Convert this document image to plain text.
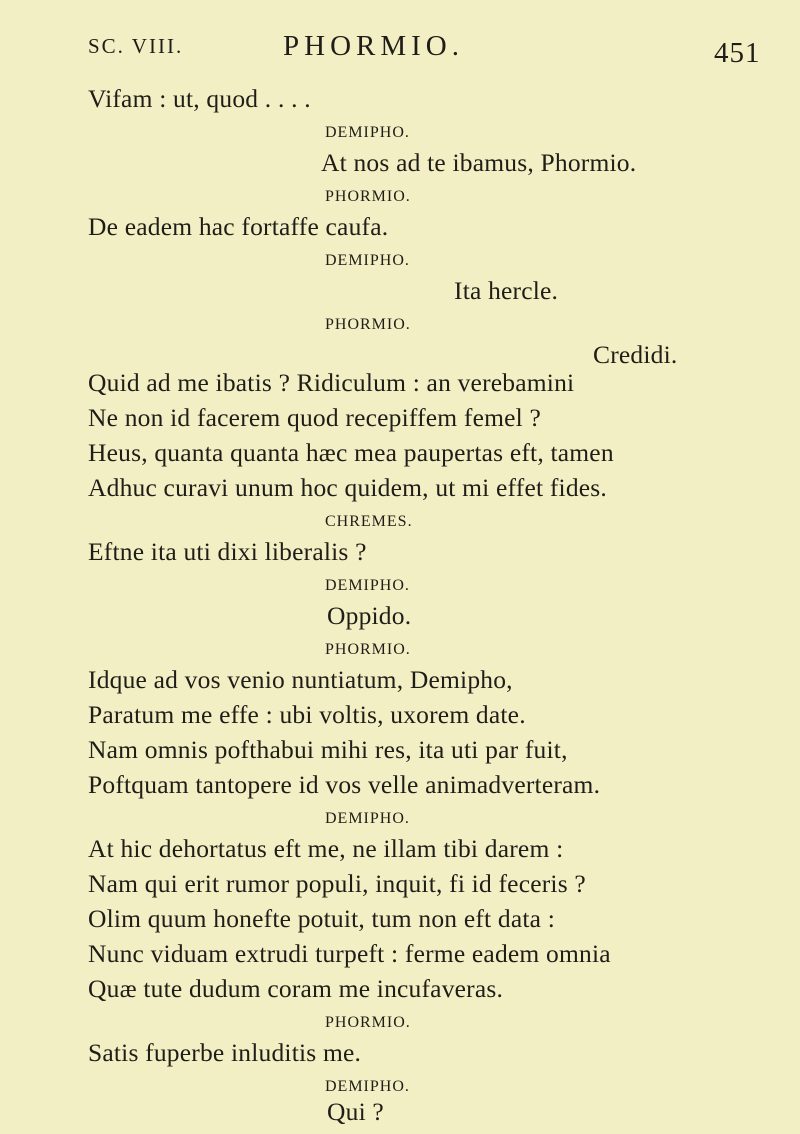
SC. VIII.	PHORMIO.	451
Vifam : ut, quod . . . .
DEMIPHO.
At nos ad te ibamus, Phormio.
PHORMIO.
De eadem hac fortaffe caufa.
DEMIPHO.
Ita hercle.
PHORMIO.
Credidi.
Quid ad me ibatis ? Ridiculum : an verebamini
Ne non id facerem quod recepiffem femel ?
Heus, quanta quanta hæc mea paupertas eft, tamen
Adhuc curavi unum hoc quidem, ut mi effet fides.
CHREMES.
Eftne ita uti dixi liberalis ?
DEMIPHO.
Oppido.
PHORMIO.
Idque ad vos venio nuntiatum, Demipho,
Paratum me effe : ubi voltis, uxorem date.
Nam omnis pofthabui mihi res, ita uti par fuit,
Poftquam tantopere id vos velle animadverteram.
DEMIPHO.
At hic dehortatus eft me, ne illam tibi darem :
Nam qui erit rumor populi, inquit, fi id feceris ?
Olim quum honefte potuit, tum non eft data :
Nunc viduam extrudi turpeft : ferme eadem omnia
Quæ tute dudum coram me incufaveras.
PHORMIO.
Satis fuperbe inluditis me.
DEMIPHO.
Qui ?
